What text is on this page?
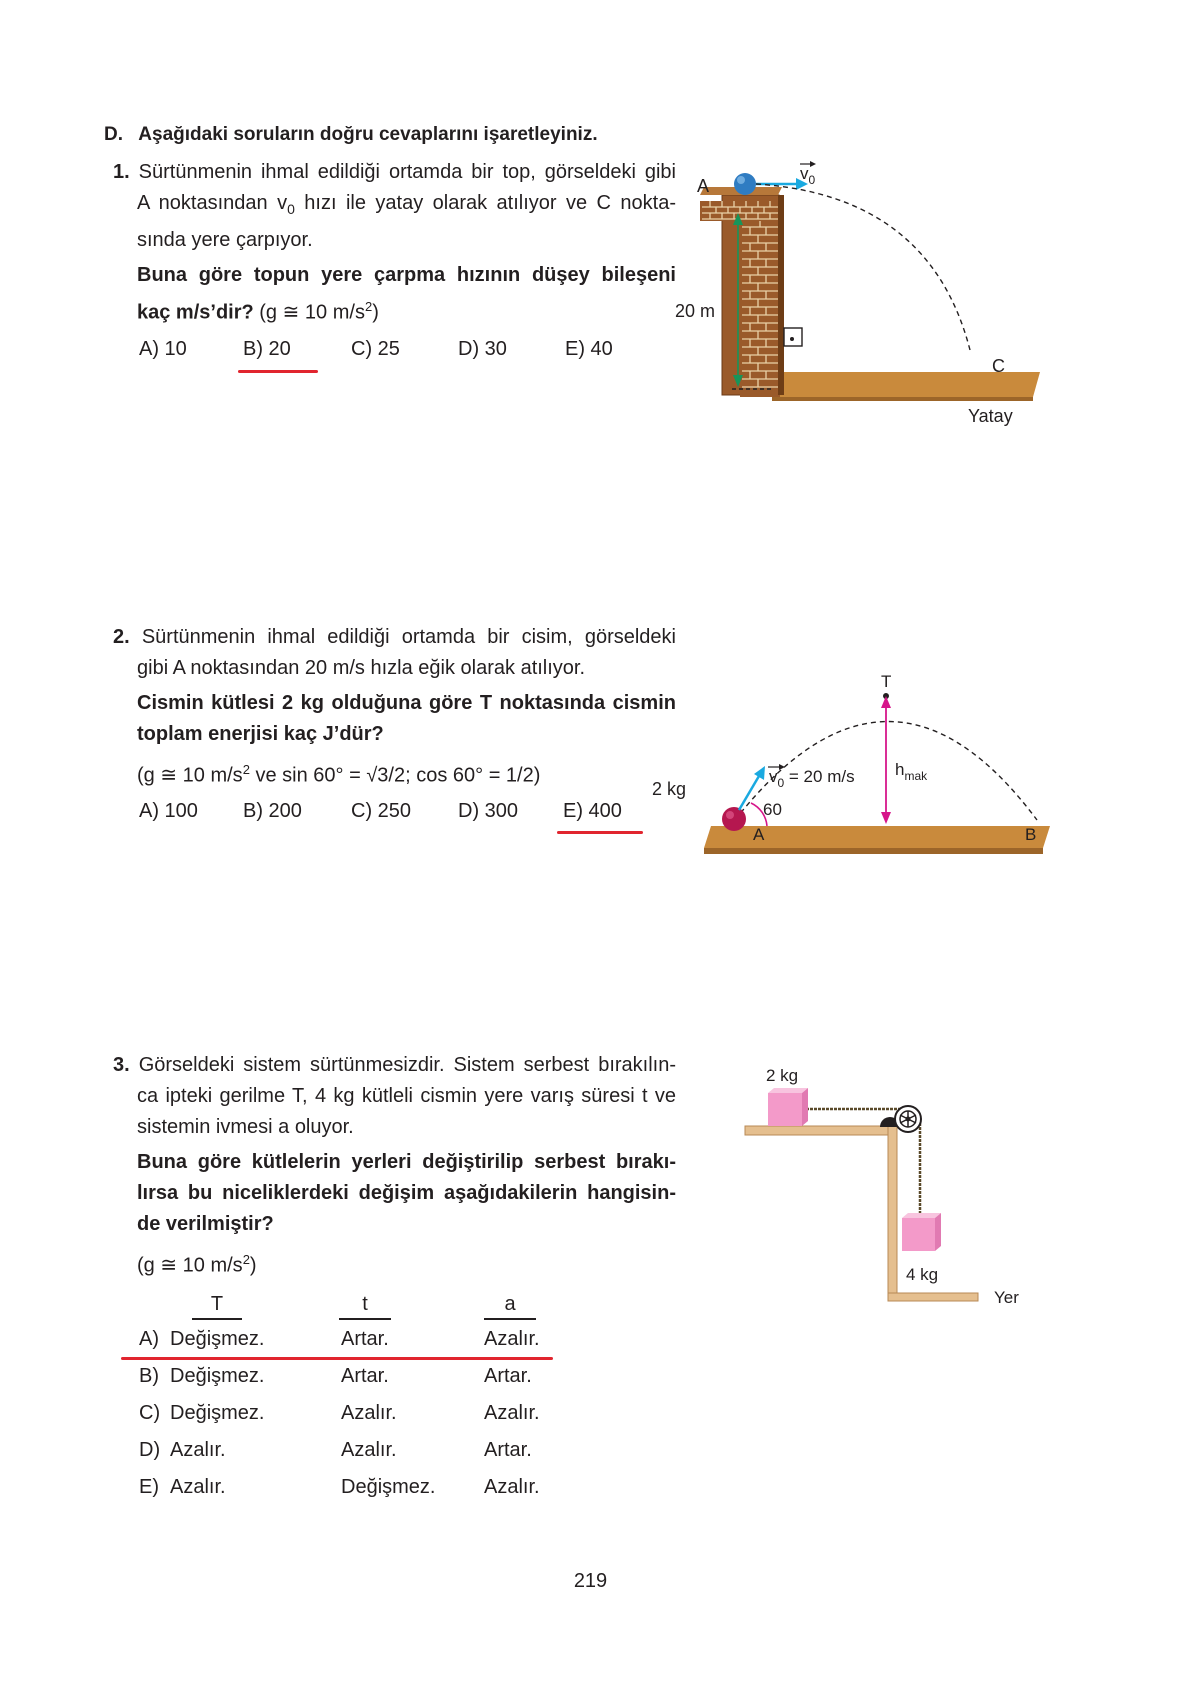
D. Aşağıdaki soruların doğru cevaplarını işaretleyiniz.
1. Sürtünmenin ihmal edildiği ortamda bir top, görseldeki gibi
A noktasından $v_0$ hızı ile yatay olarak atılıyor ve C nokta-
sında yere çarpıyor.
Buna göre topun yere çarpma hızının düşey bileşeni
kaç m/s’dir? (g ≅ 10 $m/s^2$)
A) 10	B) 20	C) 25	D) 30	E) 40
A
$v_0$
20 m
C
Yatay
2. Sürtünmenin ihmal edildiği ortamda bir cisim, görseldeki
gibi A noktasından 20 m/s hızla eğik olarak atılıyor.
Cismin kütlesi 2 kg olduğuna göre T noktasında cismin
toplam enerjisi kaç J’dür?
(g ≅ 10 $m/s^2$ ve sin 60° = √3/2; cos 60° = 1/2)
A) 100 B) 200 C) 250 D) 300 E) 400
T
2 kg
60
A	B
$v_0 = 20$ m/s $h_{mak}$
3. Görseldeki sistem sürtünmesizdir. Sistem serbest bırakılın-
ca ipteki gerilme T, 4 kg kütleli cismin yere varış süresi t ve
sistemin ivmesi a oluyor.
Buna göre kütlelerin yerleri değiştirilip serbest bırakı-
lırsa bu niceliklerdeki değişim aşağıdakilerin hangisin-
de verilmiştir?
(g ≅ 10 $m/s^2$)
T	t	a
A) Değişmez.	Artar.	Azalır.
B) Değişmez.	Artar.	Artar.
C) Değişmez.	Azalır.	Azalır.
D) Azalır.	Azalır.	Artar.
E) Azalır.	Değişmez. Azalır.
2 kg
4 kg
Yer
219
